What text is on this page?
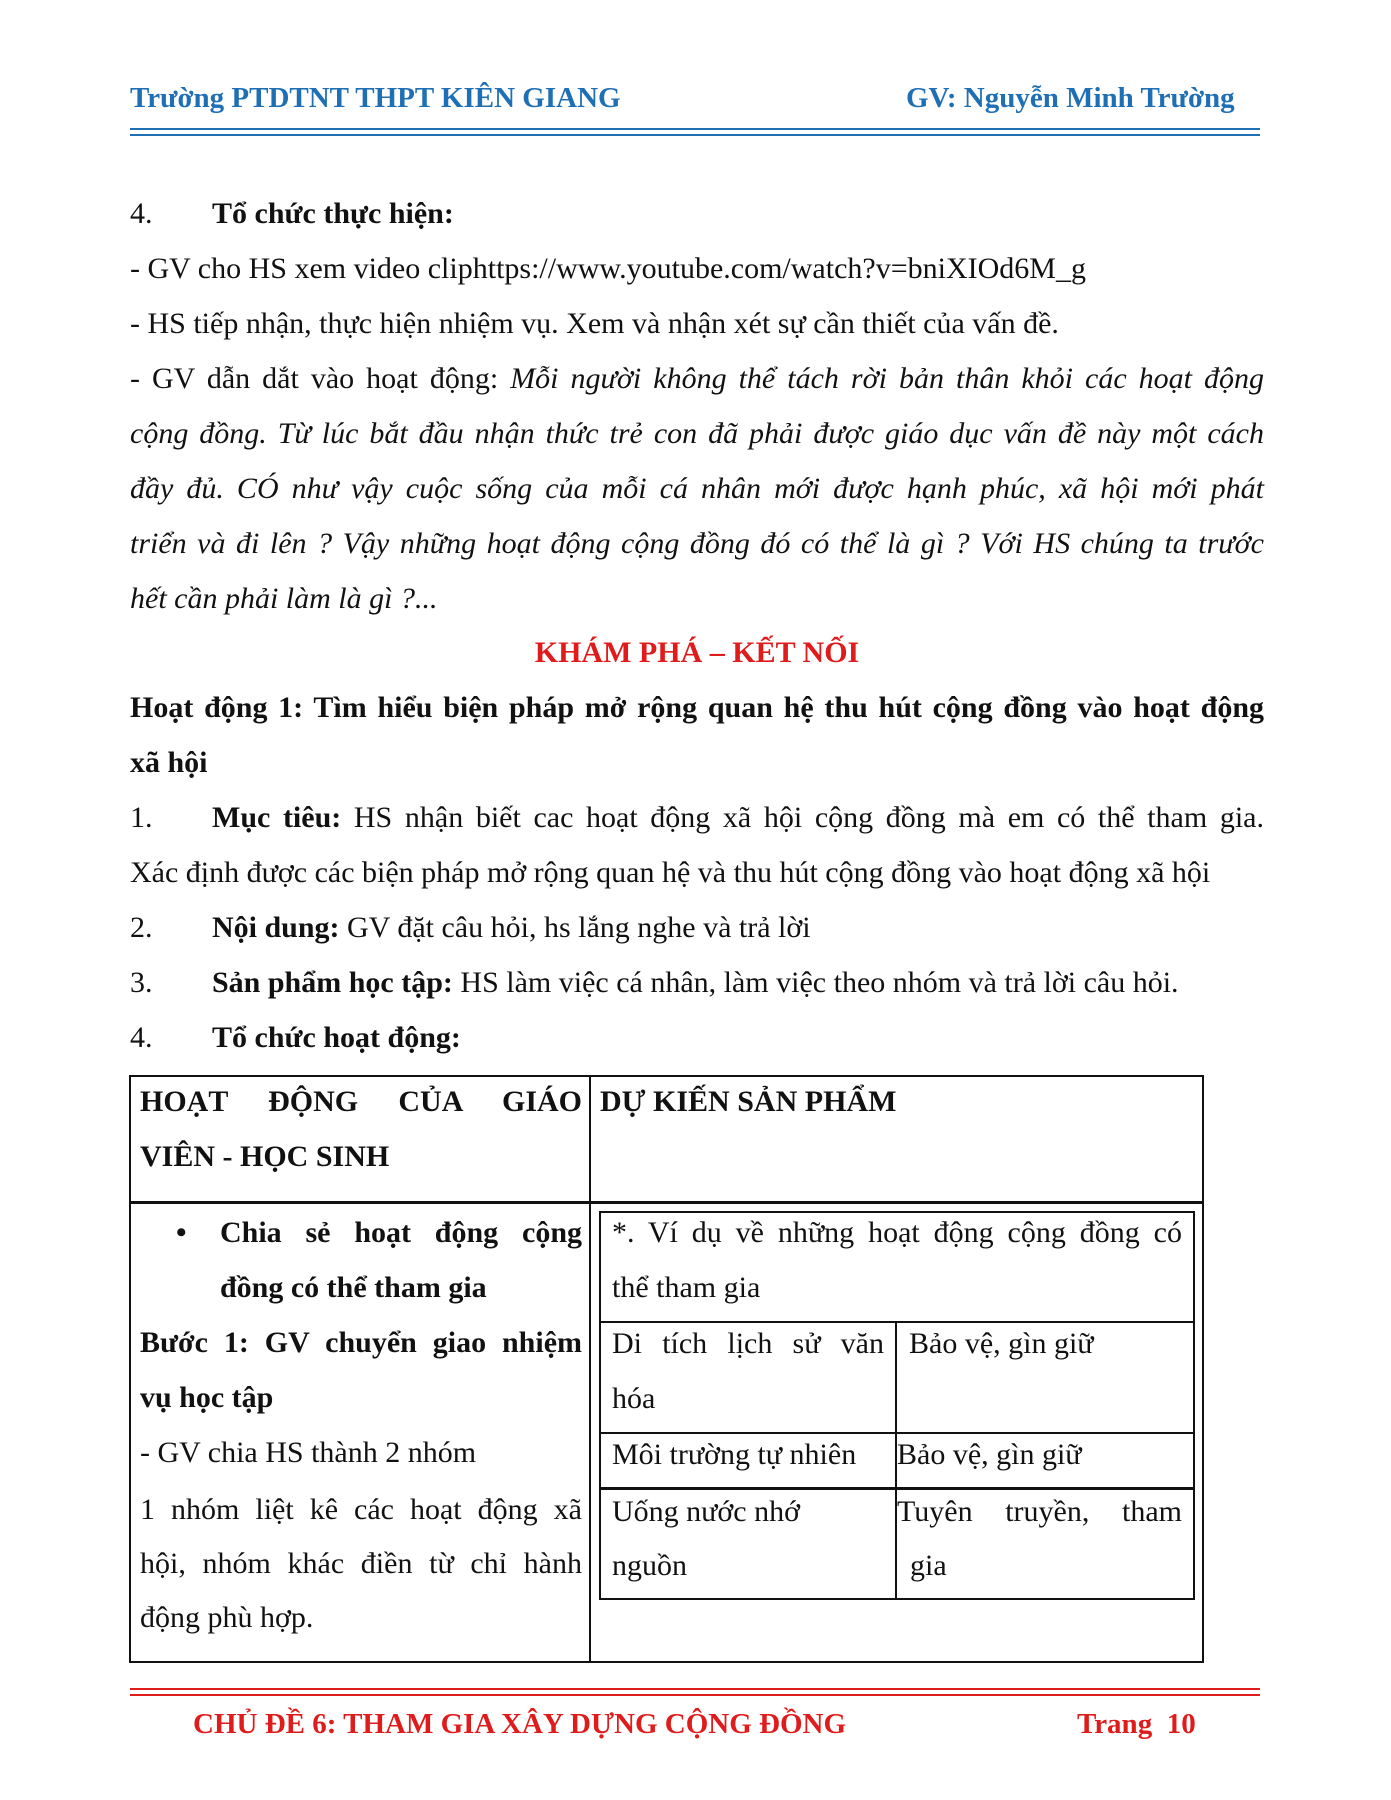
Trường PTDTNT THPT KIÊN GIANG	GV: Nguyễn Minh Trường
4. Tổ chức thực hiện:
- GV cho HS xem video cliphttps://www.youtube.com/watch?v=bniXIOd6M_g
- HS tiếp nhận, thực hiện nhiệm vụ. Xem và nhận xét sự cần thiết của vấn đề.
- GV dẫn dắt vào hoạt động: Mỗi người không thể tách rời bản thân khỏi các hoạt động
cộng đồng. Từ lúc bắt đầu nhận thức trẻ con đã phải được giáo dục vấn đề này một cách
đầy đủ. CÓ như vậy cuộc sống của mỗi cá nhân mới được hạnh phúc, xã hội mới phát
triển và đi lên ? Vậy những hoạt động cộng đồng đó có thể là gì ? Với HS chúng ta trước
hết cần phải làm là gì ?...
KHÁM PHÁ – KẾT NỐI
Hoạt động 1: Tìm hiểu biện pháp mở rộng quan hệ thu hút cộng đồng vào hoạt động
xã hội
1. Mục tiêu: HS nhận biết cac hoạt động xã hội cộng đồng mà em có thể tham gia.
Xác định được các biện pháp mở rộng quan hệ và thu hút cộng đồng vào hoạt động xã hội
2. Nội dung: GV đặt câu hỏi, hs lắng nghe và trả lời
3. Sản phẩm học tập: HS làm việc cá nhân, làm việc theo nhóm và trả lời câu hỏi.
4. Tổ chức hoạt động:
HOẠT ĐỘNG CỦA GIÁO
VIÊN - HỌC SINH
DỰ KIẾN SẢN PHẨM
• Chia sẻ hoạt động cộng
đồng có thể tham gia
Bước 1: GV chuyển giao nhiệm
vụ học tập
- GV chia HS thành 2 nhóm
1 nhóm liệt kê các hoạt động xã
hội, nhóm khác điền từ chỉ hành
động phù hợp.
*. Ví dụ về những hoạt động cộng đồng có
thể tham gia
Di tích lịch sử văn
hóa
Bảo vệ, gìn giữ
Môi trường tự nhiên Bảo vệ, gìn giữ
Uống nước nhớ
nguồn
Tuyên truyền, tham
gia
CHỦ ĐỀ 6: THAM GIA XÂY DỰNG CỘNG ĐỒNG	Trang 10
